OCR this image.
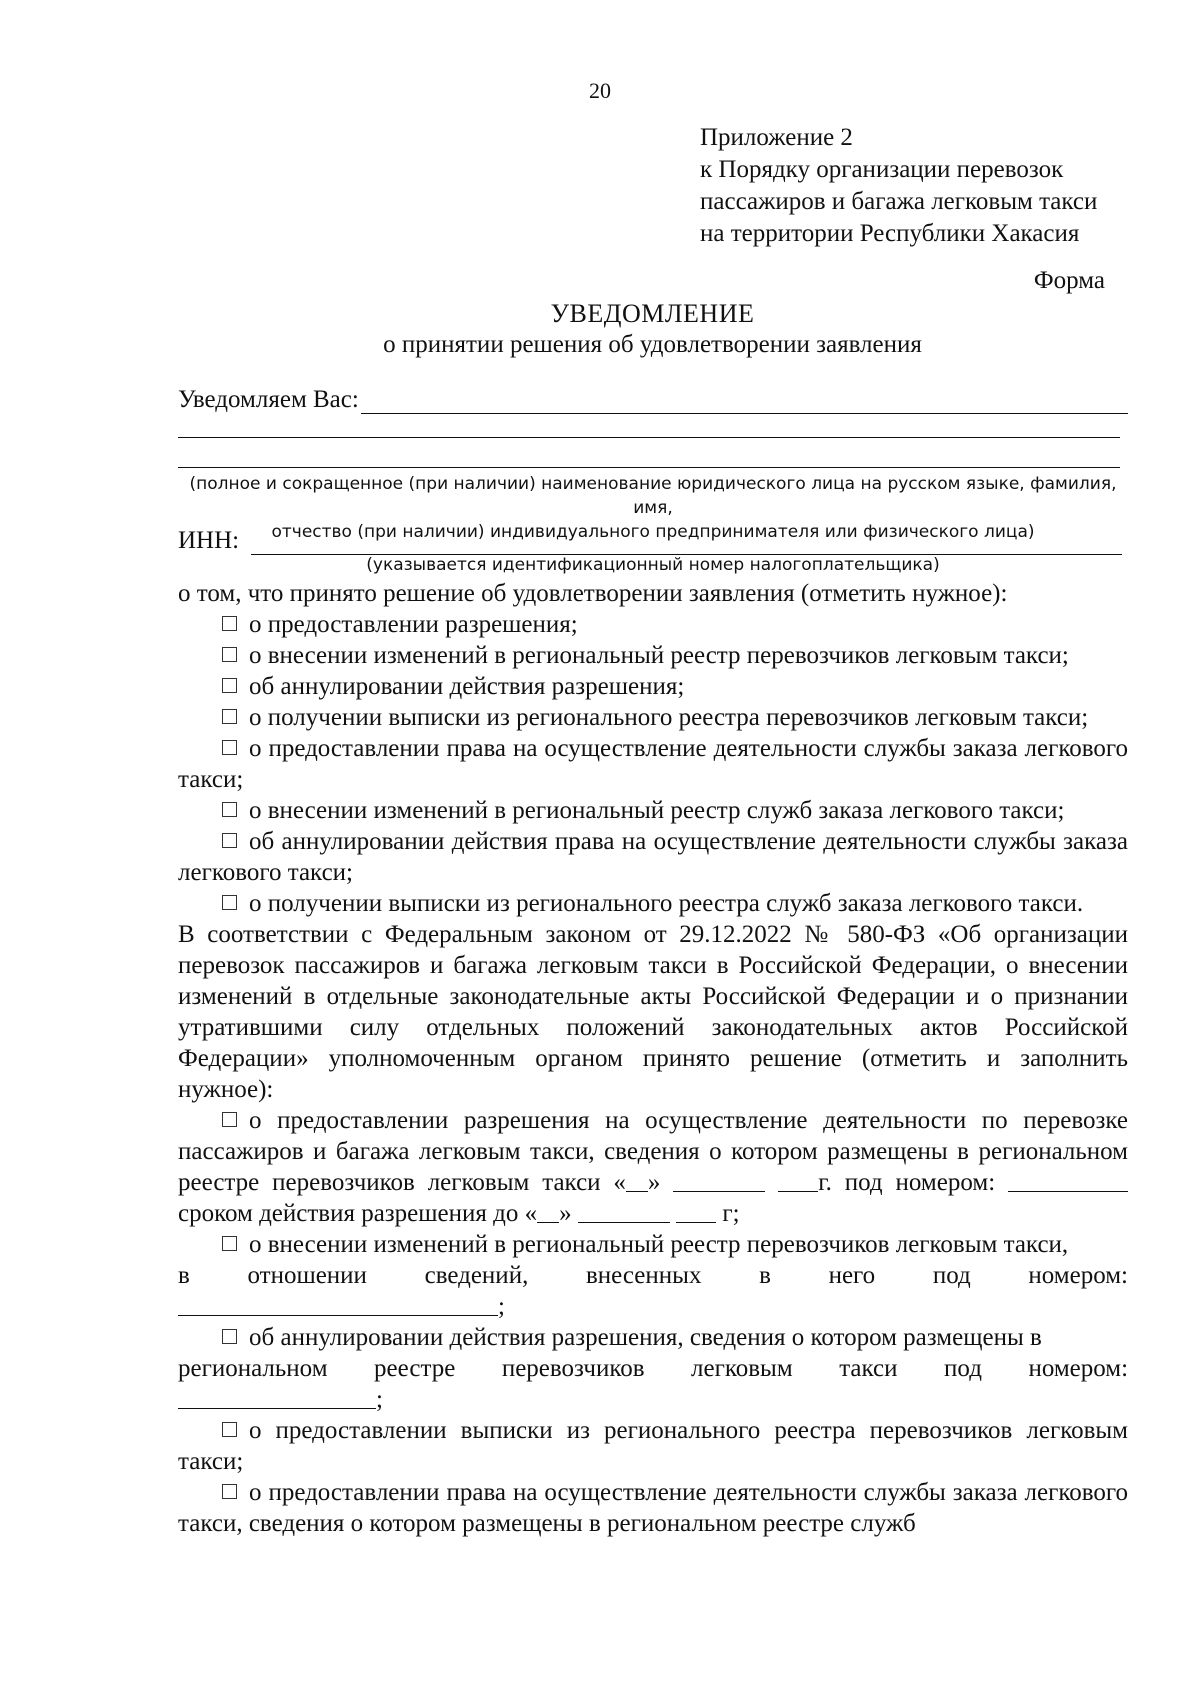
20
Приложение 2
к Порядку организации перевозок
пассажиров и багажа легковым такси
на территории Республики Хакасия
Форма
УВЕДОМЛЕНИЕ
о принятии решения об удовлетворении заявления
Уведомляем Вас:
(полное и сокращенное (при наличии) наименование юридического лица на русском языке, фамилия, имя,
отчество (при наличии) индивидуального предпринимателя или физического лица)
ИНН:
(указывается идентификационный номер налогоплательщика)

о том, что принято решение об удовлетворении заявления (отметить нужное):

о предоставлении разрешения;

о внесении изменений в региональный реестр перевозчиков легковым такси;

об аннулировании действия разрешения;

о получении выписки из регионального реестра перевозчиков легковым такси;

о предоставлении права на осуществление деятельности службы заказа легкового такси;

о внесении изменений в региональный реестр служб заказа легкового такси;

об аннулировании действия права на осуществление деятельности службы заказа легкового такси;

о получении выписки из регионального реестра служб заказа легкового такси.

В соответствии с Федеральным законом от 29.12.2022 № 580-ФЗ «Об организации перевозок пассажиров и багажа легковым такси в Российской Федерации, о внесении изменений в отдельные законодательные акты Российской Федерации и о признании утратившими силу отдельных положений законодательных актов Российской Федерации» уполномоченным органом принято решение (отметить и заполнить нужное):

о предоставлении разрешения на осуществление деятельности по перевозке пассажиров и багажа легковым такси, сведения о котором размещены в региональном реестре перевозчиков легковым такси « »	г. под номером:  сроком действия разрешения до « »	г;

о внесении изменений в региональный реестр перевозчиков легковым такси,

в отношении сведений, внесенных в него под номером:

;

об аннулировании действия разрешения, сведения о котором размещены в

региональном реестре перевозчиков легковым такси под номером:

;

о предоставлении выписки из регионального реестра перевозчиков легковым такси;

о предоставлении права на осуществление деятельности службы заказа легкового такси, сведения о котором размещены в региональном реестре служб
